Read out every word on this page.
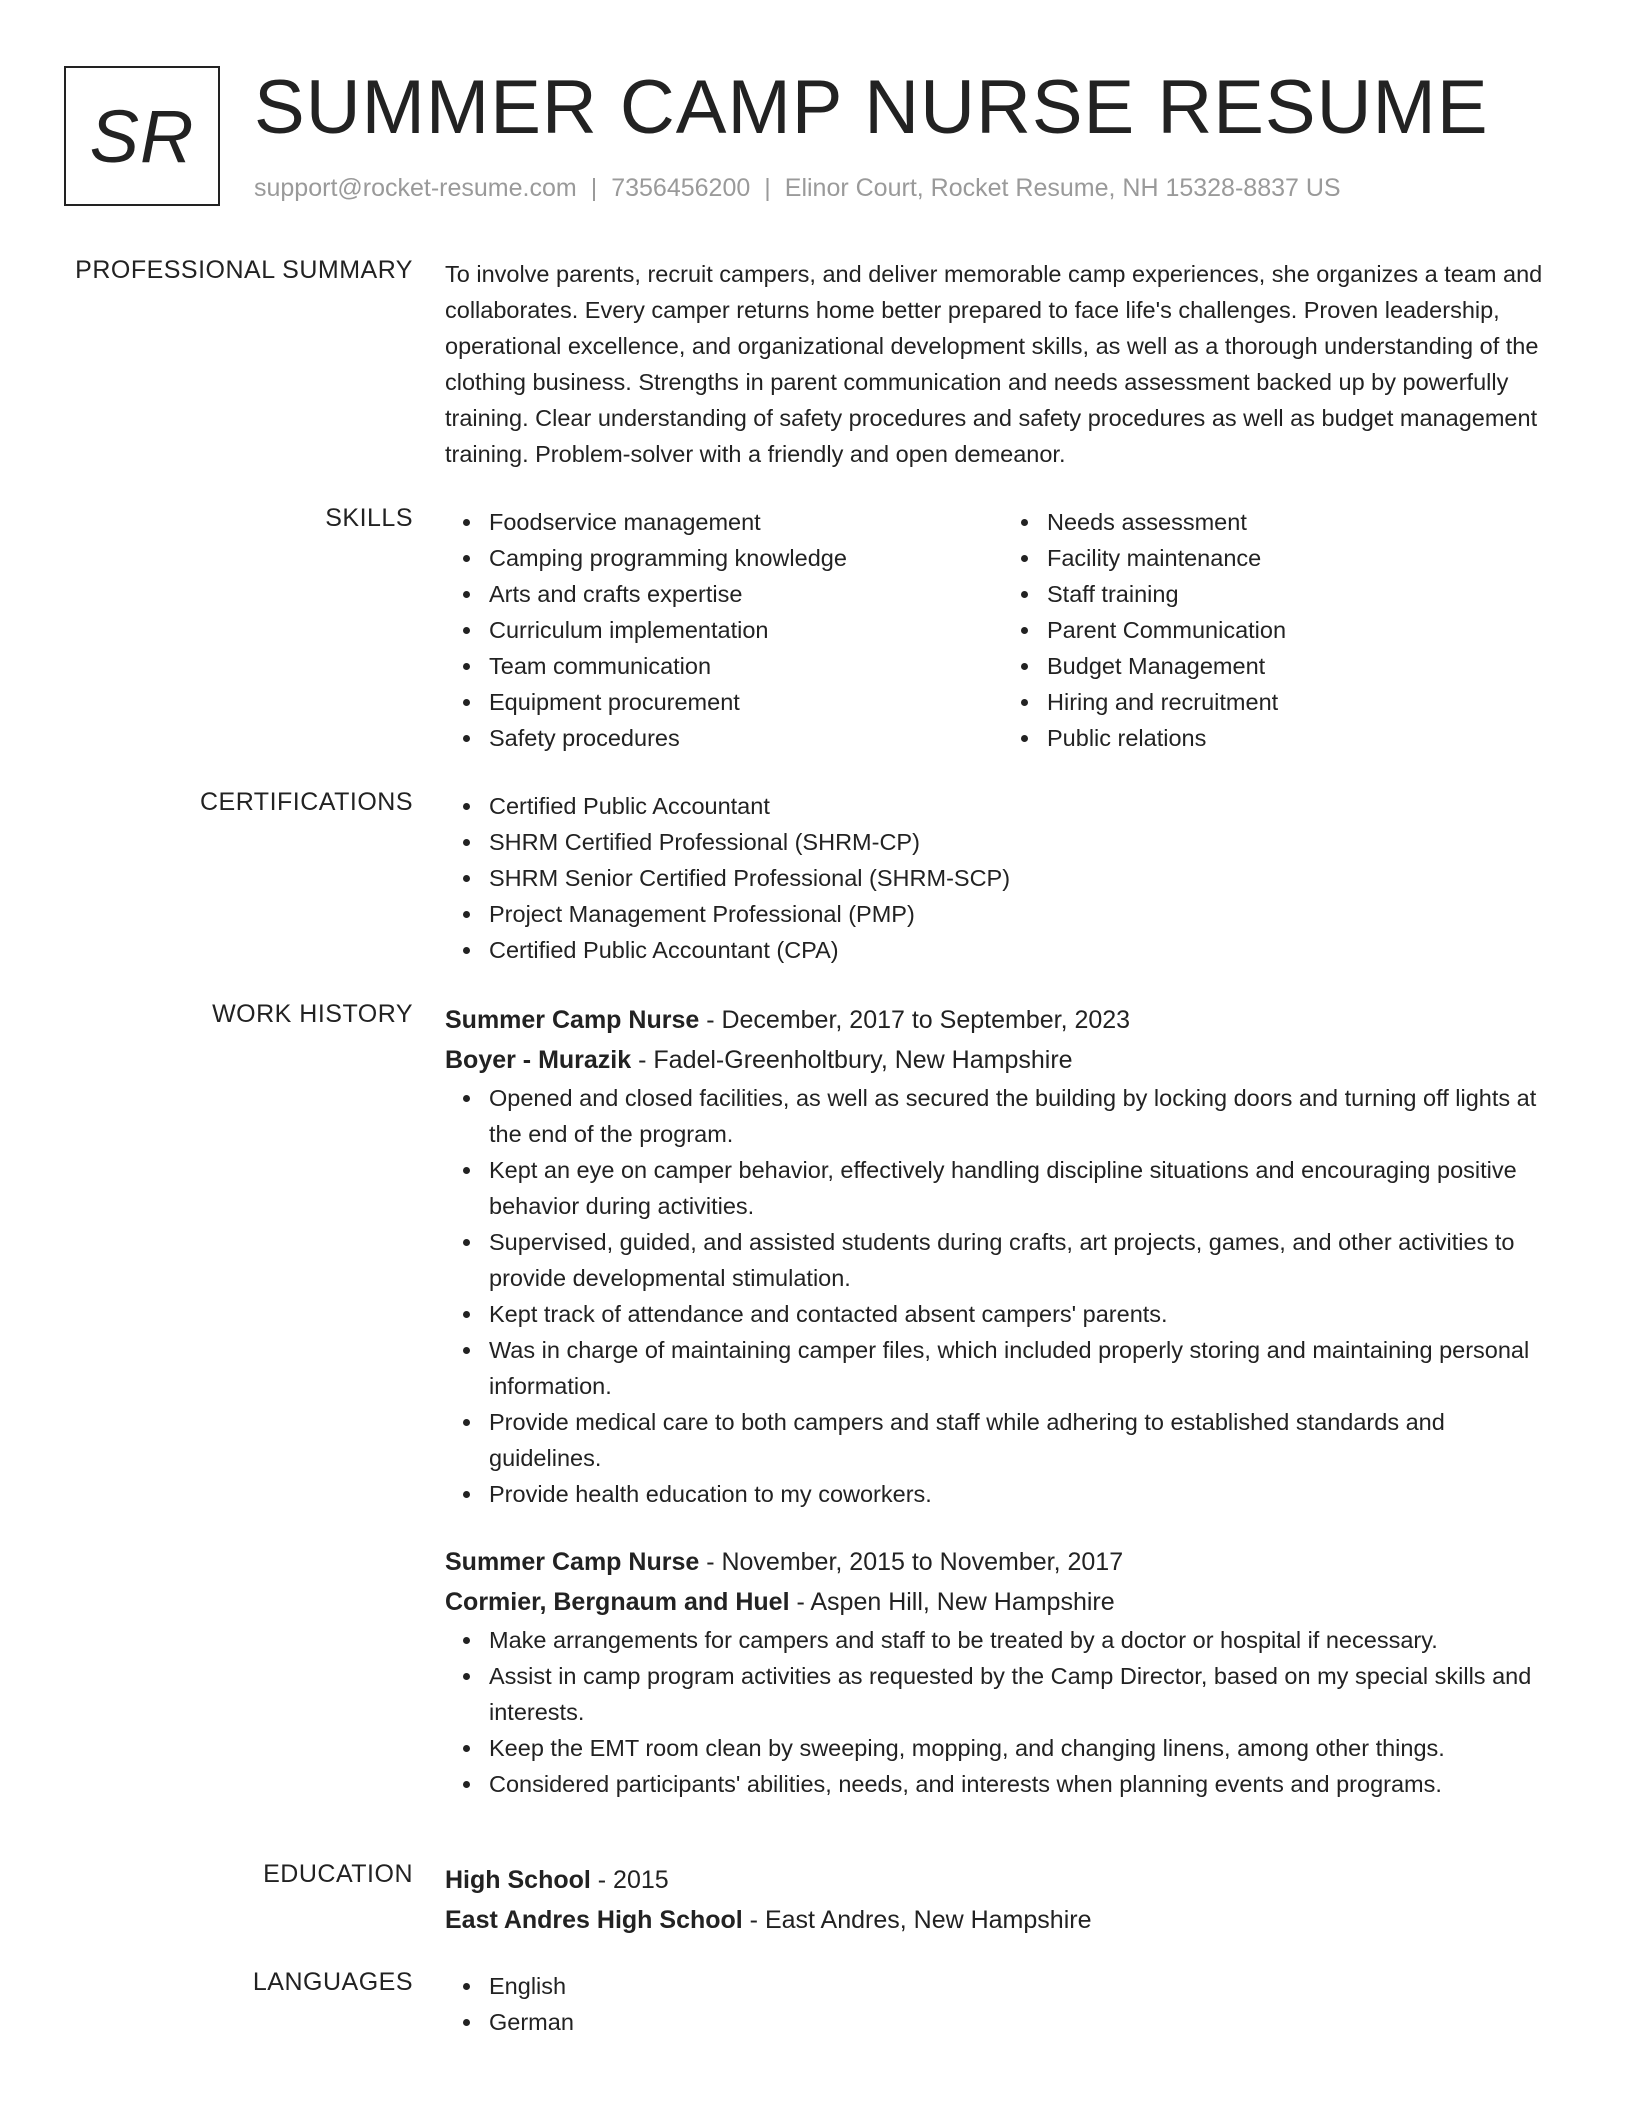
SR SUMMER CAMP NURSE RESUME
support@rocket-resume.com | 7356456200 | Elinor Court, Rocket Resume, NH 15328-8837 US
PROFESSIONAL SUMMARY To involve parents, recruit campers, and deliver memorable camp experiences, she organizes a team and collaborates. Every camper returns home better prepared to face life's challenges. Proven leadership, operational excellence, and organizational development skills, as well as a thorough understanding of the clothing business. Strengths in parent communication and needs assessment backed up by powerfully training. Clear understanding of safety procedures and safety procedures as well as budget management training. Problem-solver with a friendly and open demeanor.

SKILLS	Foodservice management
Camping programming knowledge
Arts and crafts expertise
Curriculum implementation
Team communication
Equipment procurement
Safety procedures
Needs assessment
Facility maintenance
Staff training
Parent Communication
Budget Management
Hiring and recruitment
Public relations
CERTIFICATIONS	Certified Public Accountant
SHRM Certified Professional (SHRM-CP)
SHRM Senior Certified Professional (SHRM-SCP)
Project Management Professional (PMP)
Certified Public Accountant (CPA)
WORK HISTORY Summer Camp Nurse - December, 2017 to September, 2023
Boyer - Murazik - Fadel-Greenholtbury, New Hampshire
Opened and closed facilities, as well as secured the building by locking doors and turning off lights at the end of the program.
Kept an eye on camper behavior, effectively handling discipline situations and encouraging positive behavior during activities.
Supervised, guided, and assisted students during crafts, art projects, games, and other activities to provide developmental stimulation.
Kept track of attendance and contacted absent campers' parents.
Was in charge of maintaining camper files, which included properly storing and maintaining personal information.
Provide medical care to both campers and staff while adhering to established standards and guidelines.
Provide health education to my coworkers.
Summer Camp Nurse - November, 2015 to November, 2017
Cormier, Bergnaum and Huel - Aspen Hill, New Hampshire
Make arrangements for campers and staff to be treated by a doctor or hospital if necessary.
Assist in camp program activities as requested by the Camp Director, based on my special skills and interests.
Keep the EMT room clean by sweeping, mopping, and changing linens, among other things.
Considered participants' abilities, needs, and interests when planning events and programs.
EDUCATION High School - 2015
East Andres High School - East Andres, New Hampshire
LANGUAGES	English
German
